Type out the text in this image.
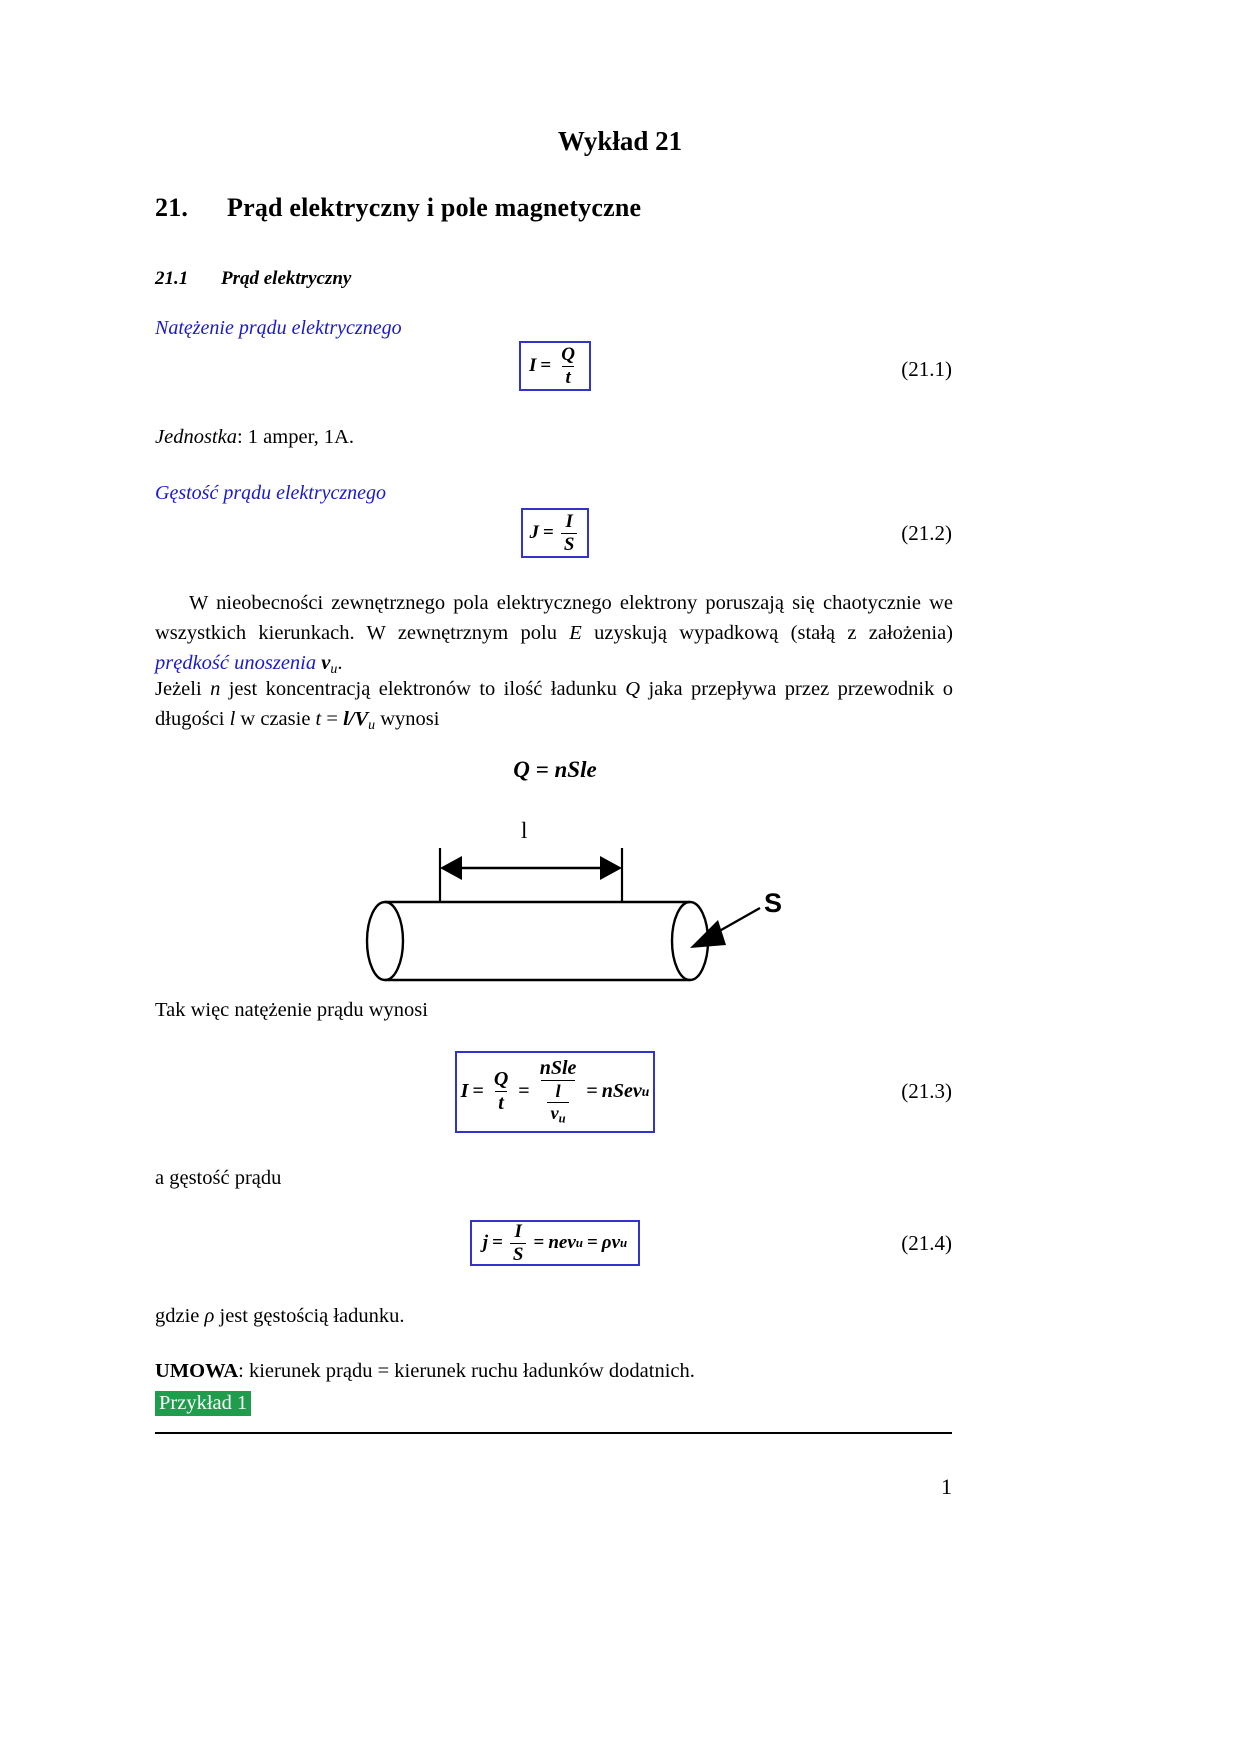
Wykład 21
21. Prąd elektryczny i pole magnetyczne
21.1 Prąd elektryczny
Natężenie prądu elektrycznego
$I = \frac{Q}{t}$	(21.1)
Jednostka: 1 amper, 1A.
Gęstość prądu elektrycznego
$J = \frac{I}{S}$	(21.2)
W nieobecności zewnętrznego pola elektrycznego elektrony poruszają się chaotycznie we wszystkich kierunkach. W zewnętrznym polu E uzyskują wypadkową (stałą z założenia) prędkość unoszenia $v_u$.
Jeżeli n jest koncentracją elektronów to ilość ładunku Q jaka przepływa przez przewodnik o długości l w czasie $t = l/V_u$ wynosi
Q = nSle
l
S
Tak więc natężenie prądu wynosi
$I = \frac{Q}{t} = \frac{\text{nSle}}{\frac{l}{v_u}}$ = nSev u	(21.3)
a gęstość prądu
$j = \frac{I}{S}$ = nev u = ρ v u	(21.4)
gdzie ρ jest gęstością ładunku.
UMOWA: kierunek prądu = kierunek ruchu ładunków dodatnich.
Przykład 1
1
